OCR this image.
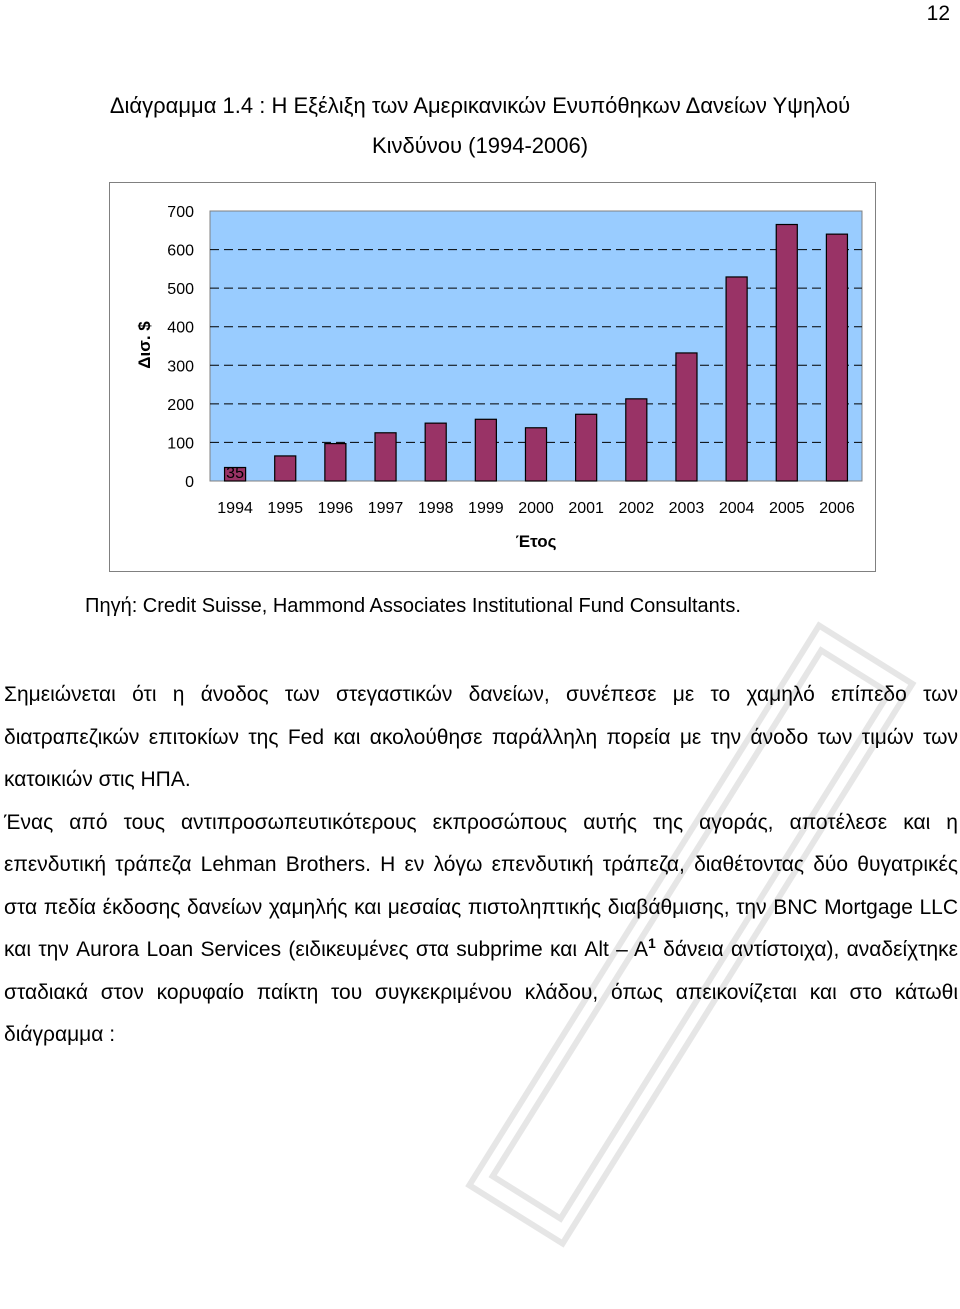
12
Διάγραμμα 1.4 : Η Εξέλιξη των Αμερικανικών Ενυπόθηκων Δανείων Υψηλού
Κινδύνου (1994-2006)
0
100
200
300
400
500
600
700
1994 1995 1996 1997 1998 1999 2000 2001 2002 2003 2004 2005 2006
35
Έτος
Δισ. $
Πηγή: Credit Suisse, Hammond Associates Institutional Fund Consultants.

Σημειώνεται ότι η άνοδος των στεγαστικών δανείων, συνέπεσε με το χαμηλό επίπεδο των διατραπεζικών επιτοκίων της Fed και ακολούθησε παράλληλη πορεία με την άνοδο των τιμών των κατοικιών στις ΗΠΑ.

Ένας από τους αντιπροσωπευτικότερους εκπροσώπους αυτής της αγοράς, αποτέλεσε και η επενδυτική τράπεζα Lehman Brothers. Η εν λόγω επενδυτική τράπεζα, διαθέτοντας δύο θυγατρικές στα πεδία έκδοσης δανείων χαμηλής και μεσαίας πιστοληπτικής διαβάθμισης, την BNC Mortgage LLC και την Aurora Loan Services (ειδικευμένες στα subprime και Alt – $A^1$ δάνεια αντίστοιχα), αναδείχτηκε σταδιακά στον κορυφαίο παίκτη του συγκεκριμένου κλάδου, όπως απεικονίζεται και στο κάτωθι διάγραμμα :
